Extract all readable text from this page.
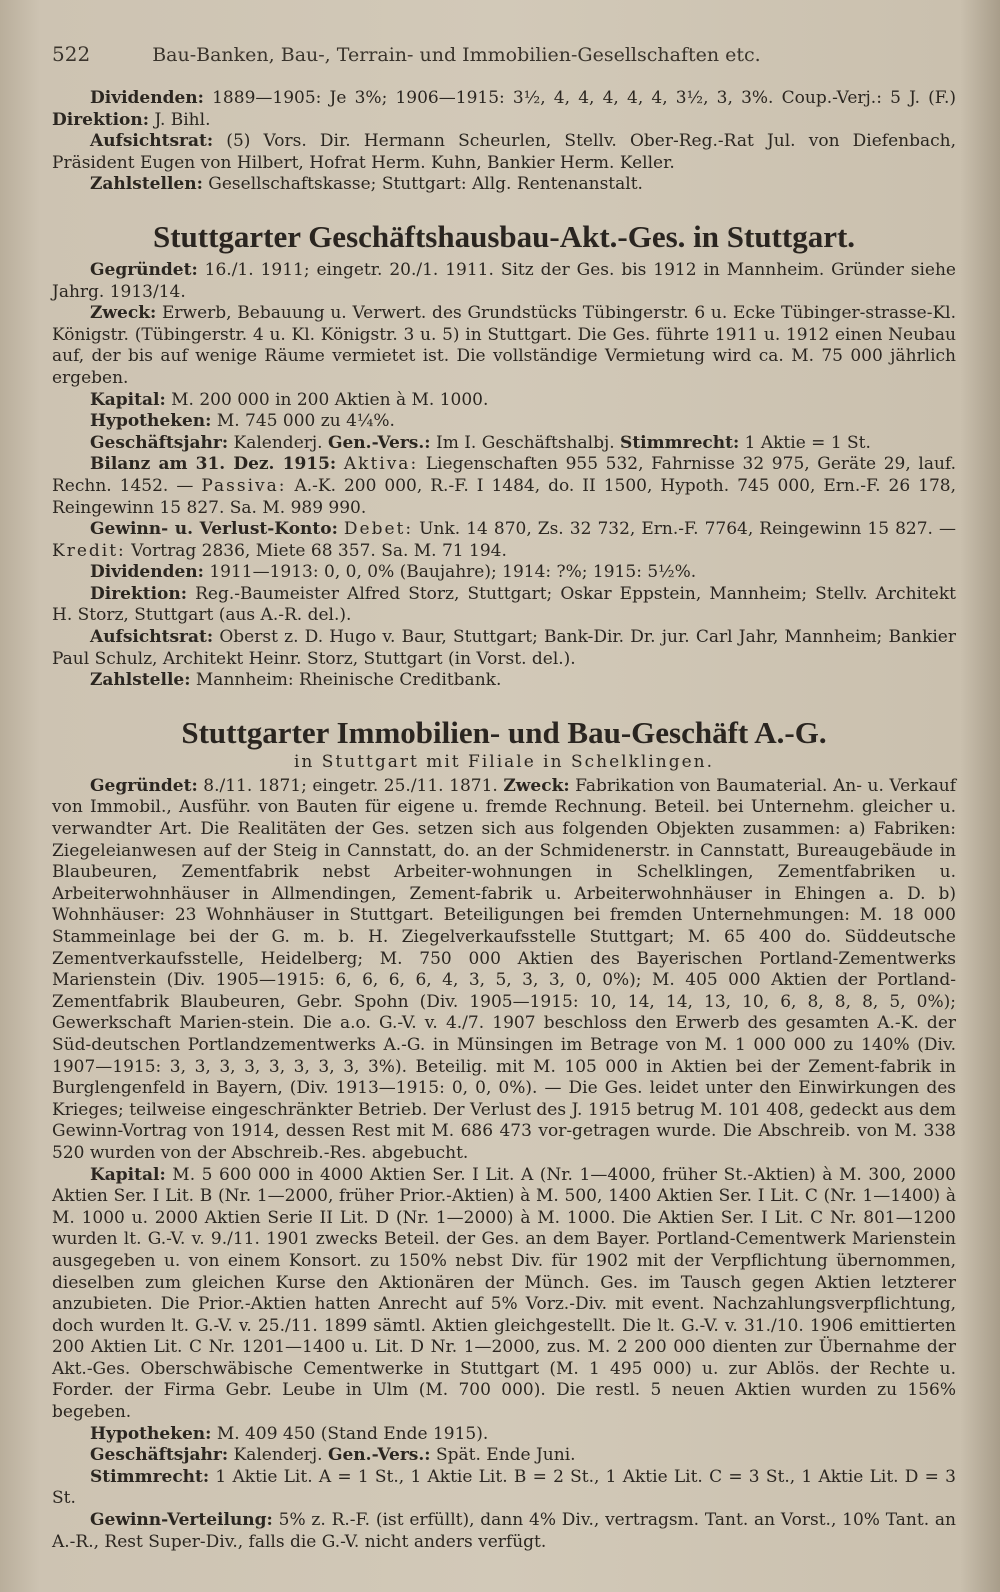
522	Bau-Banken, Bau-, Terrain- und Immobilien-Gesellschaften etc.

Dividenden: 1889—1905: Je 3%; 1906—1915: 3½, 4, 4, 4, 4, 4, 3½, 3, 3%. Coup.-Verj.: 5 J. (F.) Direktion: J. Bihl.

Aufsichtsrat: (5) Vors. Dir. Hermann Scheurlen, Stellv. Ober-Reg.-Rat Jul. von Diefenbach, Präsident Eugen von Hilbert, Hofrat Herm. Kuhn, Bankier Herm. Keller.

Zahlstellen: Gesellschaftskasse; Stuttgart: Allg. Rentenanstalt.

Stuttgarter Geschäftshausbau-Akt.-Ges. in Stuttgart.

Gegründet: 16./1. 1911; eingetr. 20./1. 1911. Sitz der Ges. bis 1912 in Mannheim. Gründer siehe Jahrg. 1913/14.

Zweck: Erwerb, Bebauung u. Verwert. des Grundstücks Tübingerstr. 6 u. Ecke Tübinger-strasse-Kl. Königstr. (Tübingerstr. 4 u. Kl. Königstr. 3 u. 5) in Stuttgart. Die Ges. führte 1911 u. 1912 einen Neubau auf, der bis auf wenige Räume vermietet ist. Die vollständige Vermietung wird ca. M. 75 000 jährlich ergeben.

Kapital: M. 200 000 in 200 Aktien à M. 1000.

Hypotheken: M. 745 000 zu 4¼%.

Geschäftsjahr: Kalenderj. Gen.-Vers.: Im I. Geschäftshalbj. Stimmrecht: 1 Aktie = 1 St.

Bilanz am 31. Dez. 1915: Aktiva: Liegenschaften 955 532, Fahrnisse 32 975, Geräte 29, lauf. Rechn. 1452. — Passiva: A.-K. 200 000, R.-F. I 1484, do. II 1500, Hypoth. 745 000, Ern.-F. 26 178, Reingewinn 15 827. Sa. M. 989 990.

Gewinn- u. Verlust-Konto: Debet: Unk. 14 870, Zs. 32 732, Ern.-F. 7764, Reingewinn 15 827. — Kredit: Vortrag 2836, Miete 68 357. Sa. M. 71 194.

Dividenden: 1911—1913: 0, 0, 0% (Baujahre); 1914: ?%; 1915: 5½%.

Direktion: Reg.-Baumeister Alfred Storz, Stuttgart; Oskar Eppstein, Mannheim; Stellv. Architekt H. Storz, Stuttgart (aus A.-R. del.).

Aufsichtsrat: Oberst z. D. Hugo v. Baur, Stuttgart; Bank-Dir. Dr. jur. Carl Jahr, Mannheim; Bankier Paul Schulz, Architekt Heinr. Storz, Stuttgart (in Vorst. del.).

Zahlstelle: Mannheim: Rheinische Creditbank.

Stuttgarter Immobilien- und Bau-Geschäft A.-G.
in Stuttgart mit Filiale in Schelklingen.

Gegründet: 8./11. 1871; eingetr. 25./11. 1871. Zweck: Fabrikation von Baumaterial. An- u. Verkauf von Immobil., Ausführ. von Bauten für eigene u. fremde Rechnung. Beteil. bei Unternehm. gleicher u. verwandter Art. Die Realitäten der Ges. setzen sich aus folgenden Objekten zusammen: a) Fabriken: Ziegeleianwesen auf der Steig in Cannstatt, do. an der Schmidenerstr. in Cannstatt, Bureaugebäude in Blaubeuren, Zementfabrik nebst Arbeiter-wohnungen in Schelklingen, Zementfabriken u. Arbeiterwohnhäuser in Allmendingen, Zement-fabrik u. Arbeiterwohnhäuser in Ehingen a. D. b) Wohnhäuser: 23 Wohnhäuser in Stuttgart. Beteiligungen bei fremden Unternehmungen: M. 18 000 Stammeinlage bei der G. m. b. H. Ziegelverkaufsstelle Stuttgart; M. 65 400 do. Süddeutsche Zementverkaufsstelle, Heidelberg; M. 750 000 Aktien des Bayerischen Portland-Zementwerks Marienstein (Div. 1905—1915: 6, 6, 6, 6, 4, 3, 5, 3, 3, 0, 0%); M. 405 000 Aktien der Portland-Zementfabrik Blaubeuren, Gebr. Spohn (Div. 1905—1915: 10, 14, 14, 13, 10, 6, 8, 8, 8, 5, 0%); Gewerkschaft Marien-stein. Die a.o. G.-V. v. 4./7. 1907 beschloss den Erwerb des gesamten A.-K. der Süd-deutschen Portlandzementwerks A.-G. in Münsingen im Betrage von M. 1 000 000 zu 140% (Div. 1907—1915: 3, 3, 3, 3, 3, 3, 3, 3, 3%). Beteilig. mit M. 105 000 in Aktien bei der Zement-fabrik in Burglengenfeld in Bayern, (Div. 1913—1915: 0, 0, 0%). — Die Ges. leidet unter den Einwirkungen des Krieges; teilweise eingeschränkter Betrieb. Der Verlust des J. 1915 betrug M. 101 408, gedeckt aus dem Gewinn-Vortrag von 1914, dessen Rest mit M. 686 473 vor-getragen wurde. Die Abschreib. von M. 338 520 wurden von der Abschreib.-Res. abgebucht.

Kapital: M. 5 600 000 in 4000 Aktien Ser. I Lit. A (Nr. 1—4000, früher St.-Aktien) à M. 300, 2000 Aktien Ser. I Lit. B (Nr. 1—2000, früher Prior.-Aktien) à M. 500, 1400 Aktien Ser. I Lit. C (Nr. 1—1400) à M. 1000 u. 2000 Aktien Serie II Lit. D (Nr. 1—2000) à M. 1000. Die Aktien Ser. I Lit. C Nr. 801—1200 wurden lt. G.-V. v. 9./11. 1901 zwecks Beteil. der Ges. an dem Bayer. Portland-Cementwerk Marienstein ausgegeben u. von einem Konsort. zu 150% nebst Div. für 1902 mit der Verpflichtung übernommen, dieselben zum gleichen Kurse den Aktionären der Münch. Ges. im Tausch gegen Aktien letzterer anzubieten. Die Prior.-Aktien hatten Anrecht auf 5% Vorz.-Div. mit event. Nachzahlungsverpflichtung, doch wurden lt. G.-V. v. 25./11. 1899 sämtl. Aktien gleichgestellt. Die lt. G.-V. v. 31./10. 1906 emittierten 200 Aktien Lit. C Nr. 1201—1400 u. Lit. D Nr. 1—2000, zus. M. 2 200 000 dienten zur Übernahme der Akt.-Ges. Oberschwäbische Cementwerke in Stuttgart (M. 1 495 000) u. zur Ablös. der Rechte u. Forder. der Firma Gebr. Leube in Ulm (M. 700 000). Die restl. 5 neuen Aktien wurden zu 156% begeben.

Hypotheken: M. 409 450 (Stand Ende 1915).

Geschäftsjahr: Kalenderj. Gen.-Vers.: Spät. Ende Juni.

Stimmrecht: 1 Aktie Lit. A = 1 St., 1 Aktie Lit. B = 2 St., 1 Aktie Lit. C = 3 St., 1 Aktie Lit. D = 3 St.

Gewinn-Verteilung: 5% z. R.-F. (ist erfüllt), dann 4% Div., vertragsm. Tant. an Vorst., 10% Tant. an A.-R., Rest Super-Div., falls die G.-V. nicht anders verfügt.
